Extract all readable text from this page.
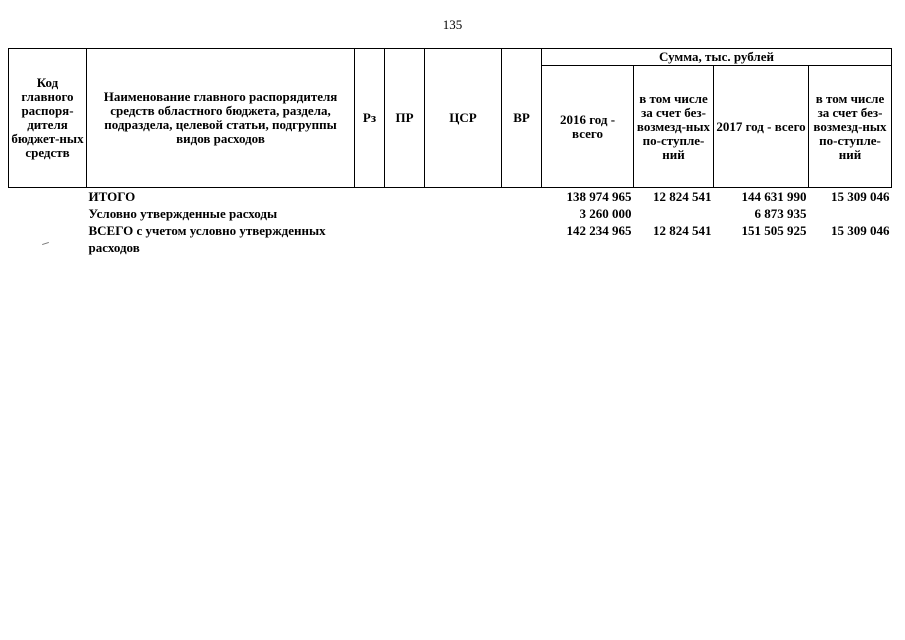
135
Код главного распоря-дителя бюджет-ных средств	Наименование главного распорядителя средств областного бюджета, раздела, подраздела, целевой статьи, подгруппы видов расходов	Рз	ПР	ЦСР	ВР	Сумма, тыс. рублей			
						2016 год - всего	в том числе за счет без-возмезд-ных по-ступле-ний	2017 год - всего	в том числе за счет без-возмезд-ных по-ступле-ний
	ИТОГО					138 974 965	12 824 541	144 631 990	15 309 046
	Условно утвержденные расходы					3 260 000		6 873 935	
	ВСЕГО с учетом условно утвержденных расходов					142 234 965	12 824 541	151 505 925	15 309 046
